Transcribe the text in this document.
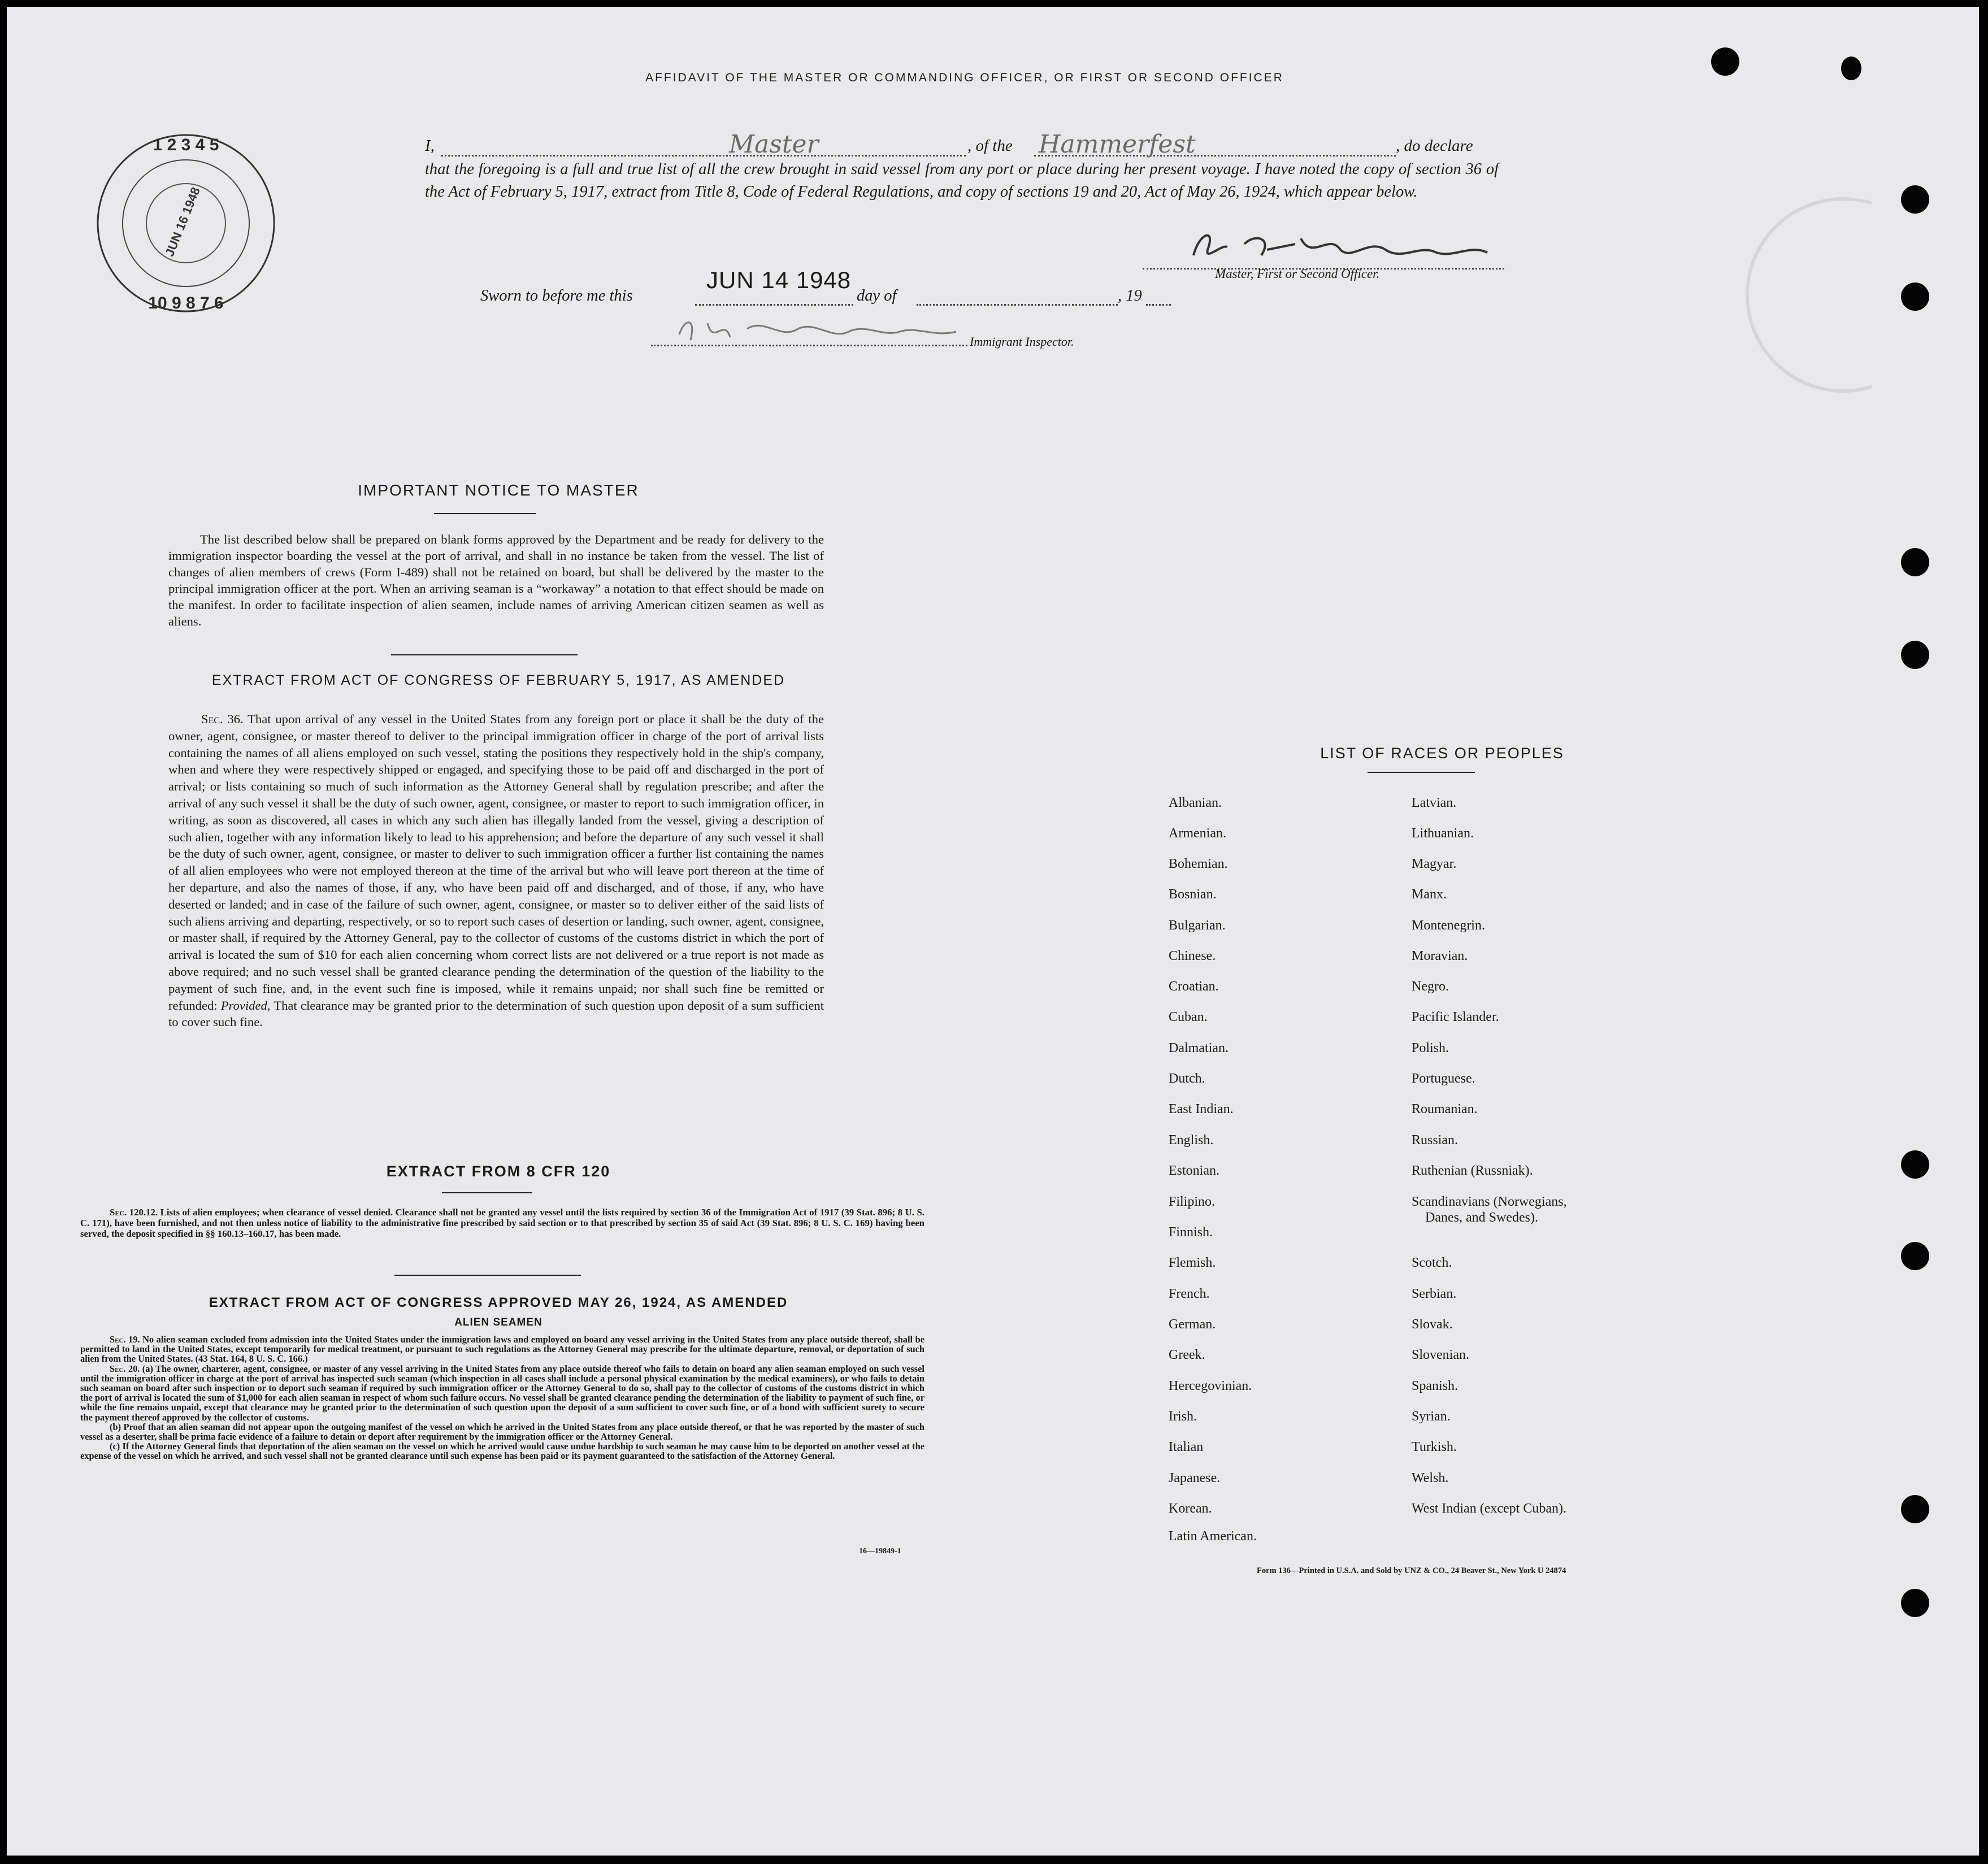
AFFIDAVIT OF THE MASTER OR COMMANDING OFFICER, OR FIRST OR SECOND OFFICER
1 2 3 4 5
10 9 8 7 6
JUN 16 1948
I,	Master	, of the Hammerfest	, do declare
that the foregoing is a full and true list of all the crew brought in said vessel from any port or place during her present voyage. I have noted the copy of section 36 of the Act of February 5, 1917, extract from Title 8, Code of Federal Regulations, and copy of sections 19 and 20, Act of May 26, 1924, which appear below.
Master, First or Second Officer.
Sworn to before me this
JUN 14 1948
day of	, 19
Immigrant Inspector.
IMPORTANT NOTICE TO MASTER
The list described below shall be prepared on blank forms approved by the Department and be ready for delivery to the immigration inspector boarding the vessel at the port of arrival, and shall in no instance be taken from the vessel. The list of changes of alien members of crews (Form I-489) shall not be retained on board, but shall be delivered by the master to the principal immigration officer at the port. When an arriving seaman is a “workaway” a notation to that effect should be made on the manifest. In order to facilitate inspection of alien seamen, include names of arriving American citizen seamen as well as aliens.
EXTRACT FROM ACT OF CONGRESS OF FEBRUARY 5, 1917, AS AMENDED
Sec. 36. That upon arrival of any vessel in the United States from any foreign port or place it shall be the duty of the owner, agent, consignee, or master thereof to deliver to the principal immigration officer in charge of the port of arrival lists containing the names of all aliens employed on such vessel, stating the positions they respectively hold in the ship's company, when and where they were respectively shipped or engaged, and specifying those to be paid off and discharged in the port of arrival; or lists containing so much of such information as the Attorney General shall by regulation prescribe; and after the arrival of any such vessel it shall be the duty of such owner, agent, consignee, or master to report to such immigration officer, in writing, as soon as discovered, all cases in which any such alien has illegally landed from the vessel, giving a description of such alien, together with any information likely to lead to his apprehension; and before the departure of any such vessel it shall be the duty of such owner, agent, consignee, or master to deliver to such immigration officer a further list containing the names of all alien employees who were not employed thereon at the time of the arrival but who will leave port thereon at the time of her departure, and also the names of those, if any, who have been paid off and discharged, and of those, if any, who have deserted or landed; and in case of the failure of such owner, agent, consignee, or master so to deliver either of the said lists of such aliens arriving and departing, respectively, or so to report such cases of desertion or landing, such owner, agent, consignee, or master shall, if required by the Attorney General, pay to the collector of customs of the customs district in which the port of arrival is located the sum of $10 for each alien concerning whom correct lists are not delivered or a true report is not made as above required; and no such vessel shall be granted clearance pending the determination of the question of the liability to the payment of such fine, and, in the event such fine is imposed, while it remains unpaid; nor shall such fine be remitted or refunded: Provided, That clearance may be granted prior to the determination of such question upon deposit of a sum sufficient to cover such fine.
EXTRACT FROM 8 CFR 120
Sec. 120.12. Lists of alien employees; when clearance of vessel denied. Clearance shall not be granted any vessel until the lists required by section 36 of the Immigration Act of 1917 (39 Stat. 896; 8 U. S. C. 171), have been furnished, and not then unless notice of liability to the administrative fine prescribed by said section or to that prescribed by section 35 of said Act (39 Stat. 896; 8 U. S. C. 169) having been served, the deposit specified in §§ 160.13–160.17, has been made.
EXTRACT FROM ACT OF CONGRESS APPROVED MAY 26, 1924, AS AMENDED
ALIEN SEAMEN
Sec. 19. No alien seaman excluded from admission into the United States under the immigration laws and employed on board any vessel arriving in the United States from any place outside thereof, shall be permitted to land in the United States, except temporarily for medical treatment, or pursuant to such regulations as the Attorney General may prescribe for the ultimate departure, removal, or deportation of such alien from the United States. (43 Stat. 164, 8 U. S. C. 166.)
Sec. 20. (a) The owner, charterer, agent, consignee, or master of any vessel arriving in the United States from any place outside thereof who fails to detain on board any alien seaman employed on such vessel until the immigration officer in charge at the port of arrival has inspected such seaman (which inspection in all cases shall include a personal physical examination by the medical examiners), or who fails to detain such seaman on board after such inspection or to deport such seaman if required by such immigration officer or the Attorney General to do so, shall pay to the collector of customs of the customs district in which the port of arrival is located the sum of $1,000 for each alien seaman in respect of whom such failure occurs. No vessel shall be granted clearance pending the determination of the liability to payment of such fine, or while the fine remains unpaid, except that clearance may be granted prior to the determination of such question upon the deposit of a sum sufficient to cover such fine, or of a bond with sufficient surety to secure the payment thereof approved by the collector of customs.
(b) Proof that an alien seaman did not appear upon the outgoing manifest of the vessel on which he arrived in the United States from any place outside thereof, or that he was reported by the master of such vessel as a deserter, shall be prima facie evidence of a failure to detain or deport after requirement by the immigration officer or the Attorney General.
(c) If the Attorney General finds that deportation of the alien seaman on the vessel on which he arrived would cause undue hardship to such seaman he may cause him to be deported on another vessel at the expense of the vessel on which he arrived, and such vessel shall not be granted clearance until such expense has been paid or its payment guaranteed to the satisfaction of the Attorney General.
16—19849-1
LIST OF RACES OR PEOPLES
Form 136—Printed in U.S.A. and Sold by UNZ & CO., 24 Beaver St., New York U 24874
Albanian.
Armenian.
Bohemian.
Bosnian.
Bulgarian.
Chinese.
Croatian.
Cuban.
Dalmatian.
Dutch.
East Indian.
English.
Estonian.
Filipino.
Finnish.
Flemish.
French.
German.
Greek.
Hercegovinian.
Irish.
Italian
Japanese.
Korean.
Latin American.
Latvian.
Lithuanian.
Magyar.
Manx.
Montenegrin.
Moravian.
Negro.
Pacific Islander.
Polish.
Portuguese.
Roumanian.
Russian.
Ruthenian (Russniak).
Scandinavians (Norwegians,
Danes, and Swedes).
Scotch.
Serbian.
Slovak.
Slovenian.
Spanish.
Syrian.
Turkish.
Welsh.
West Indian (except Cuban).
